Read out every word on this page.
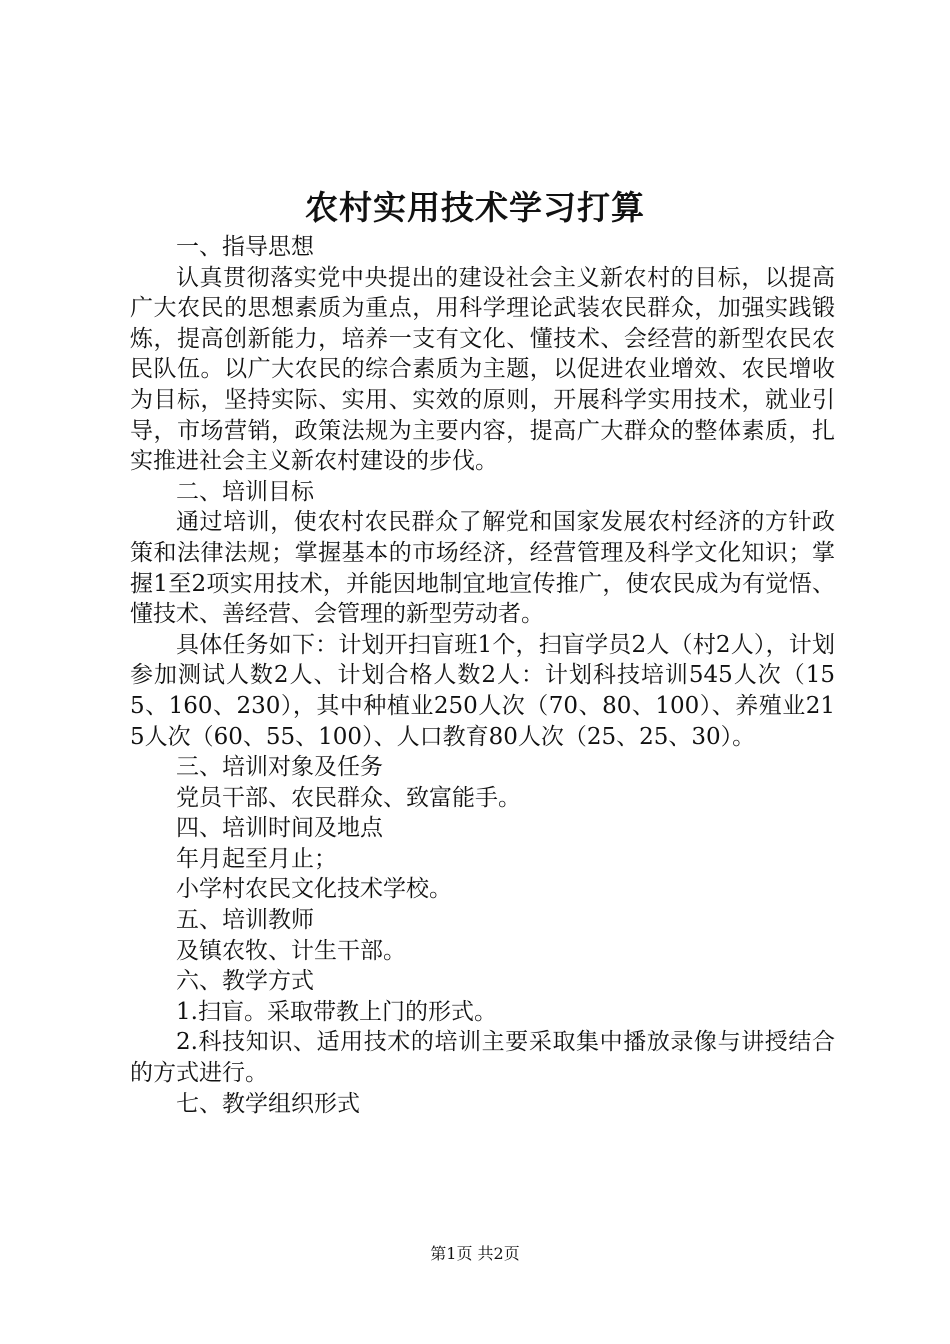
农村实用技术学习打算

一、指导思想

认真贯彻落实党中央提出的建设社会主义新农村的目标，以提高广大农民的思想素质为重点，用科学理论武装农民群众，加强实践锻炼，提高创新能力，培养一支有文化、懂技术、会经营的新型农民农民队伍。以广大农民的综合素质为主题，以促进农业增效、农民增收为目标，坚持实际、实用、实效的原则，开展科学实用技术，就业引导，市场营销，政策法规为主要内容，提高广大群众的整体素质，扎实推进社会主义新农村建设的步伐。

二、培训目标

通过培训，使农村农民群众了解党和国家发展农村经济的方针政策和法律法规；掌握基本的市场经济，经营管理及科学文化知识；掌握1至2项实用技术，并能因地制宜地宣传推广，使农民成为有觉悟、懂技术、善经营、会管理的新型劳动者。

具体任务如下：计划开扫盲班1个，扫盲学员2人（村2人），计划参加测试人数2人、计划合格人数2人：计划科技培训545人次（155、160、230），其中种植业250人次（70、80、100）、养殖业215人次（60、55、100）、人口教育80人次（25、25、30）。

三、培训对象及任务

党员干部、农民群众、致富能手。

四、培训时间及地点

年月起至月止；

小学村农民文化技术学校。

五、培训教师

及镇农牧、计生干部。

六、教学方式

1.扫盲。采取带教上门的形式。

2.科技知识、适用技术的培训主要采取集中播放录像与讲授结合的方式进行。

七、教学组织形式

第1页 共2页
